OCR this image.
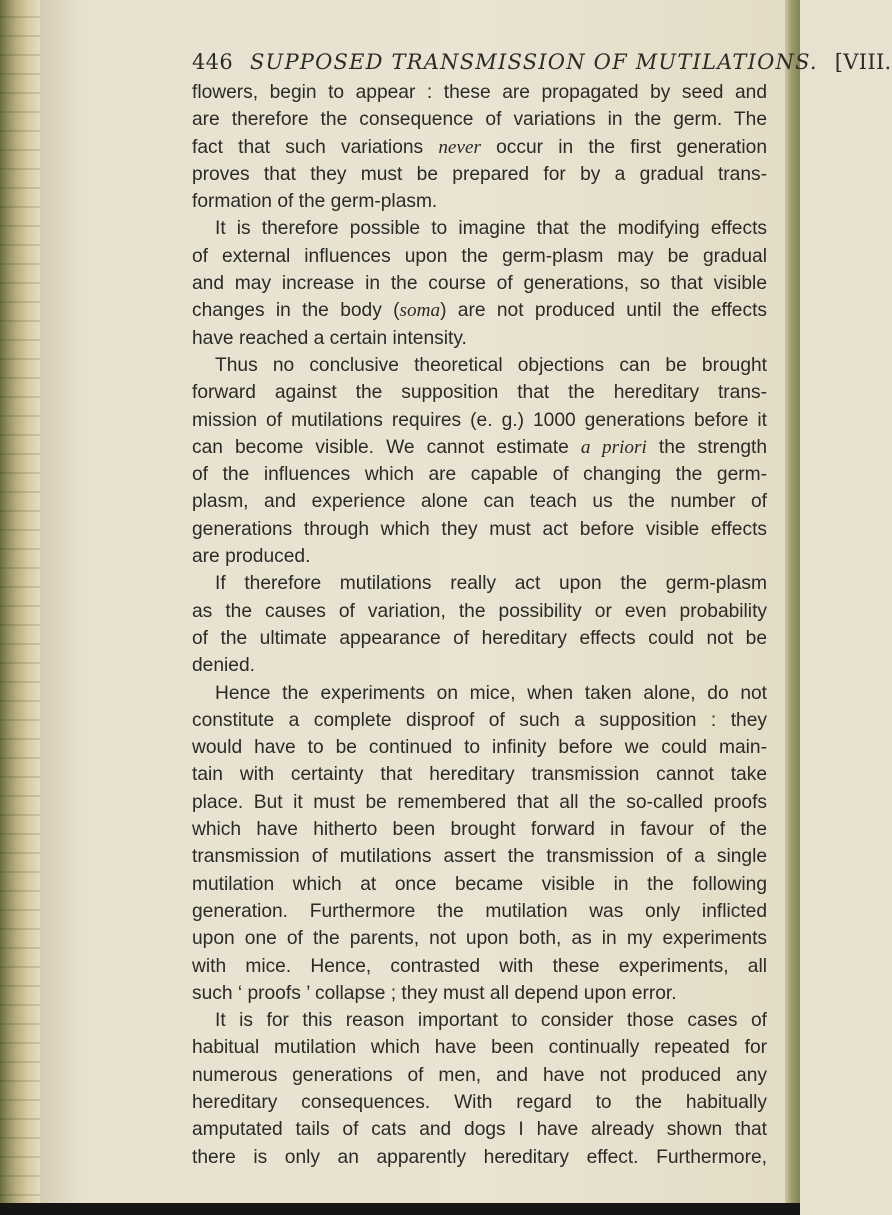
446 SUPPOSED TRANSMISSION OF MUTILATIONS. [VIII.
flowers, begin to appear : these are propagated by seed and
are therefore the consequence of variations in the germ. The
fact that such variations never occur in the first generation
proves that they must be prepared for by a gradual trans-
formation of the germ-plasm.
It is therefore possible to imagine that the modifying effects
of external influences upon the germ-plasm may be gradual
and may increase in the course of generations, so that visible
changes in the body (soma) are not produced until the effects
have reached a certain intensity.
Thus no conclusive theoretical objections can be brought
forward against the supposition that the hereditary trans-
mission of mutilations requires (e. g.) 1000 generations before it
can become visible. We cannot estimate a priori the strength
of the influences which are capable of changing the germ-
plasm, and experience alone can teach us the number of
generations through which they must act before visible effects
are produced.
If therefore mutilations really act upon the germ-plasm
as the causes of variation, the possibility or even probability
of the ultimate appearance of hereditary effects could not be
denied.
Hence the experiments on mice, when taken alone, do not
constitute a complete disproof of such a supposition : they
would have to be continued to infinity before we could main-
tain with certainty that hereditary transmission cannot take
place. But it must be remembered that all the so-called proofs
which have hitherto been brought forward in favour of the
transmission of mutilations assert the transmission of a single
mutilation which at once became visible in the following
generation. Furthermore the mutilation was only inflicted
upon one of the parents, not upon both, as in my experiments
with mice. Hence, contrasted with these experiments, all
such ‘ proofs ’ collapse ; they must all depend upon error.
It is for this reason important to consider those cases of
habitual mutilation which have been continually repeated for
numerous generations of men, and have not produced any
hereditary consequences. With regard to the habitually
amputated tails of cats and dogs I have already shown that
there is only an apparently hereditary effect. Furthermore,
